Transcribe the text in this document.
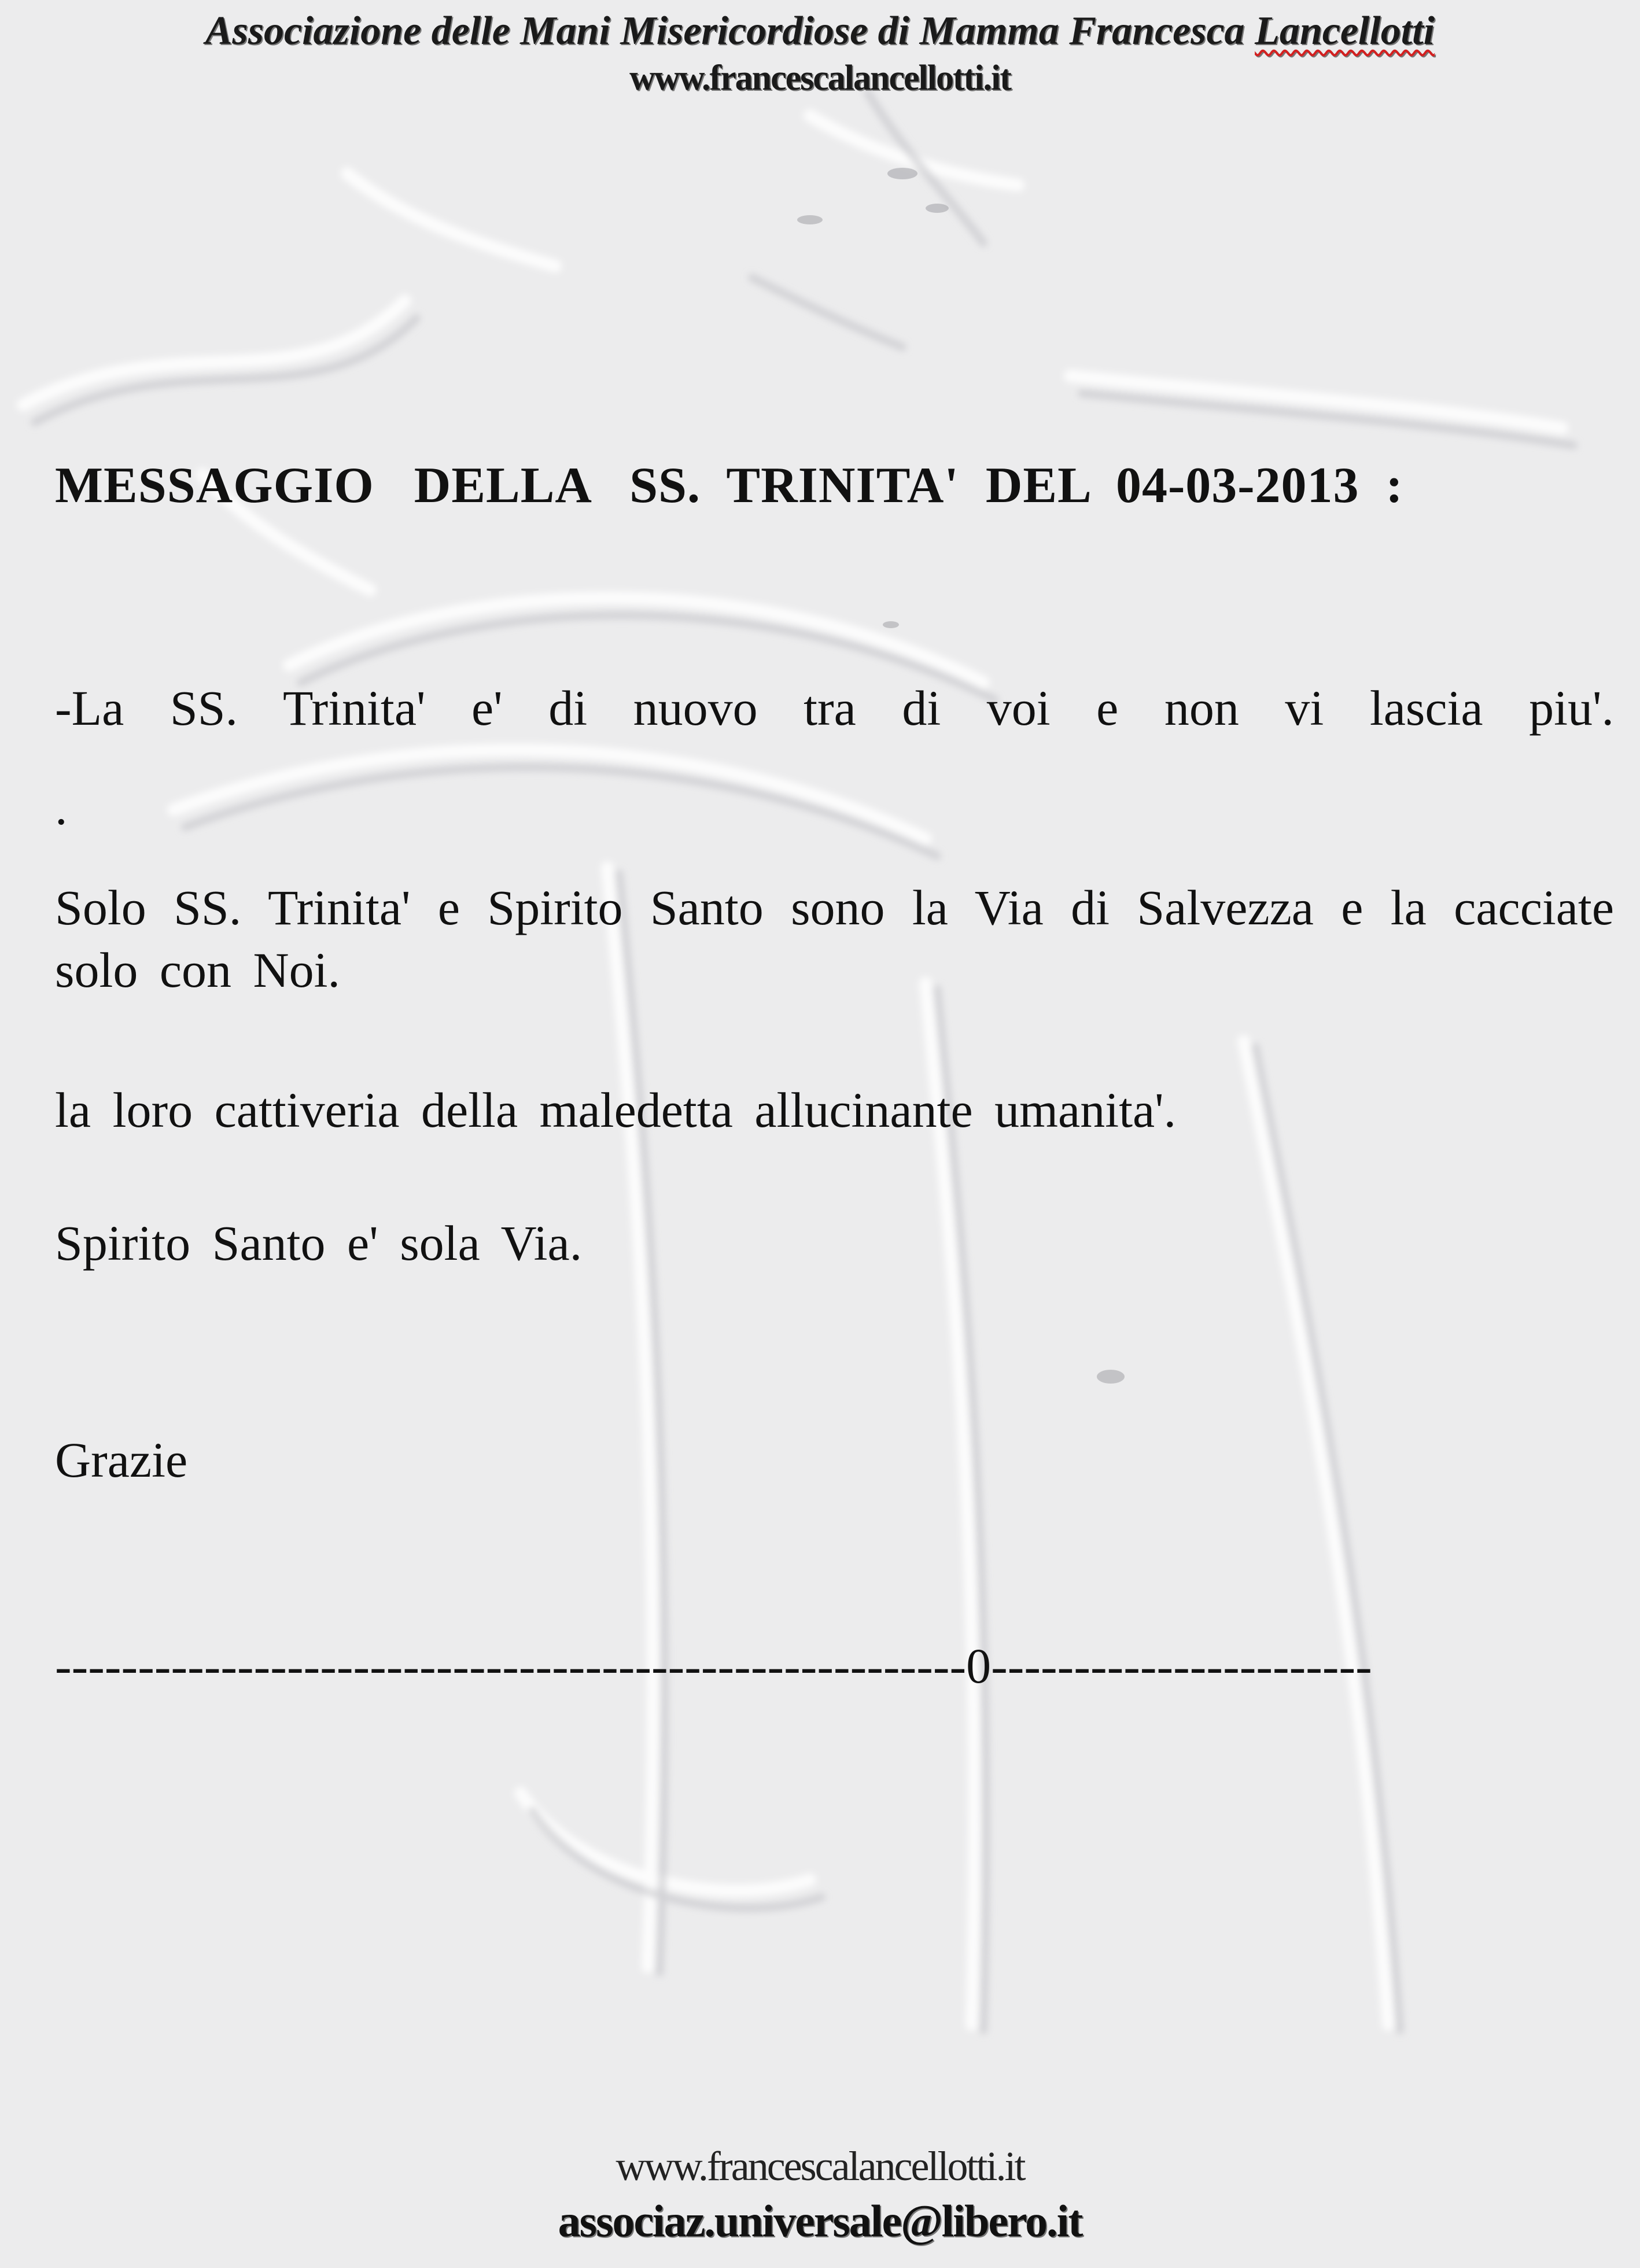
Associazione delle Mani Misericordiose di Mamma Francesca Lancellotti
www.francescalancellotti.it

MESSAGGIO   DELLA   SS.  TRINITA'  DEL  04-03-2013  :

-La SS. Trinita' e' di nuovo tra di voi e non vi lascia piu'.

.

Solo SS. Trinita' e Spirito Santo sono la Via di Salvezza e la cacciate solo con Noi.

la loro cattiveria della maledetta allucinante umanita'.

Spirito Santo e' sola Via.

Grazie

-------------------------------------------------------0-----------------------
www.francescalancellotti.it
associaz.universale@libero.it
